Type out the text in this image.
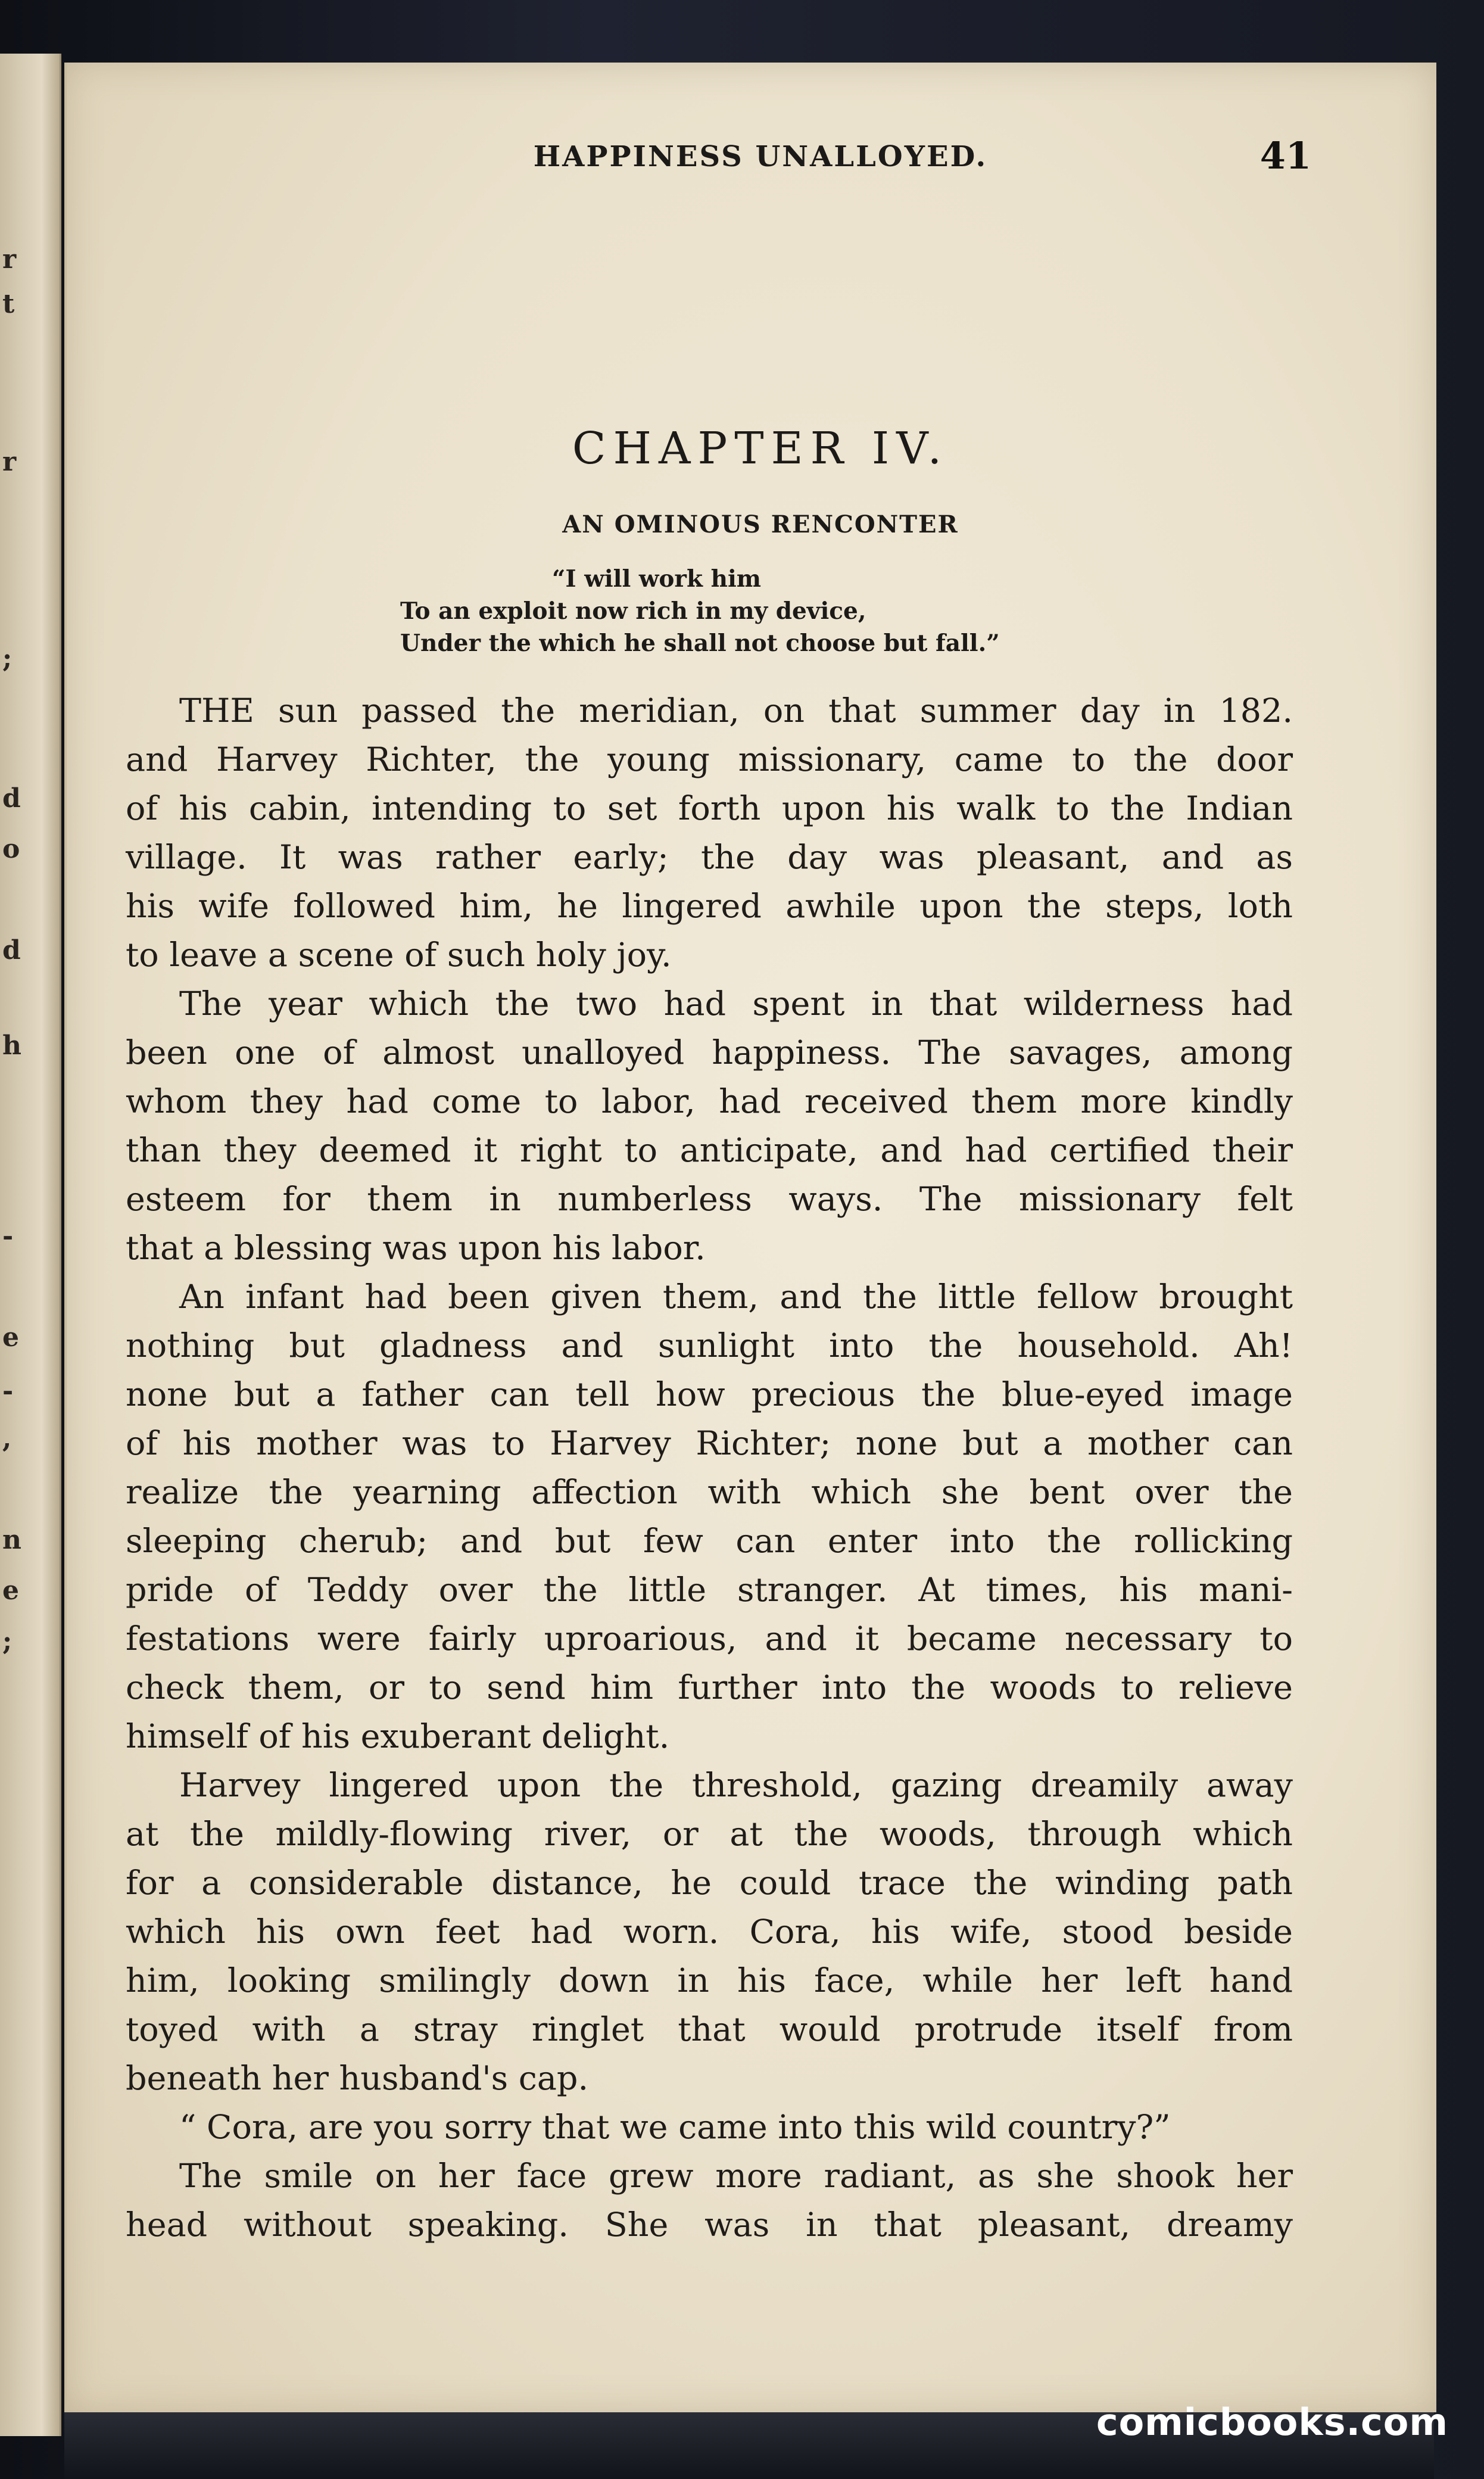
r
t
r
;
d
o
d
h
-
e
-
,
n
e
;
HAPPINESS UNALLOYED.	41
CHAPTER IV.
AN OMINOUS RENCONTER
“I will work him
To an exploit now rich in my device,
Under the which he shall not choose but fall.”
THE sun passed the meridian, on that summer day in 182.
and Harvey Richter, the young missionary, came to the door
of his cabin, intending to set forth upon his walk to the Indian
village. It was rather early; the day was pleasant, and as
his wife followed him, he lingered awhile upon the steps, loth
to leave a scene of such holy joy.
The year which the two had spent in that wilderness had
been one of almost unalloyed happiness. The savages, among
whom they had come to labor, had received them more kindly
than they deemed it right to anticipate, and had certified their
esteem for them in numberless ways. The missionary felt
that a blessing was upon his labor.
An infant had been given them, and the little fellow brought
nothing but gladness and sunlight into the household. Ah!
none but a father can tell how precious the blue-eyed image
of his mother was to Harvey Richter; none but a mother can
realize the yearning affection with which she bent over the
sleeping cherub; and but few can enter into the rollicking
pride of Teddy over the little stranger. At times, his mani-
festations were fairly uproarious, and it became necessary to
check them, or to send him further into the woods to relieve
himself of his exuberant delight.
Harvey lingered upon the threshold, gazing dreamily away
at the mildly-flowing river, or at the woods, through which
for a considerable distance, he could trace the winding path
which his own feet had worn. Cora, his wife, stood beside
him, looking smilingly down in his face, while her left hand
toyed with a stray ringlet that would protrude itself from
beneath her husband's cap.
“ Cora, are you sorry that we came into this wild country?”
The smile on her face grew more radiant, as she shook her
head without speaking. She was in that pleasant, dreamy
comicbooks.com
